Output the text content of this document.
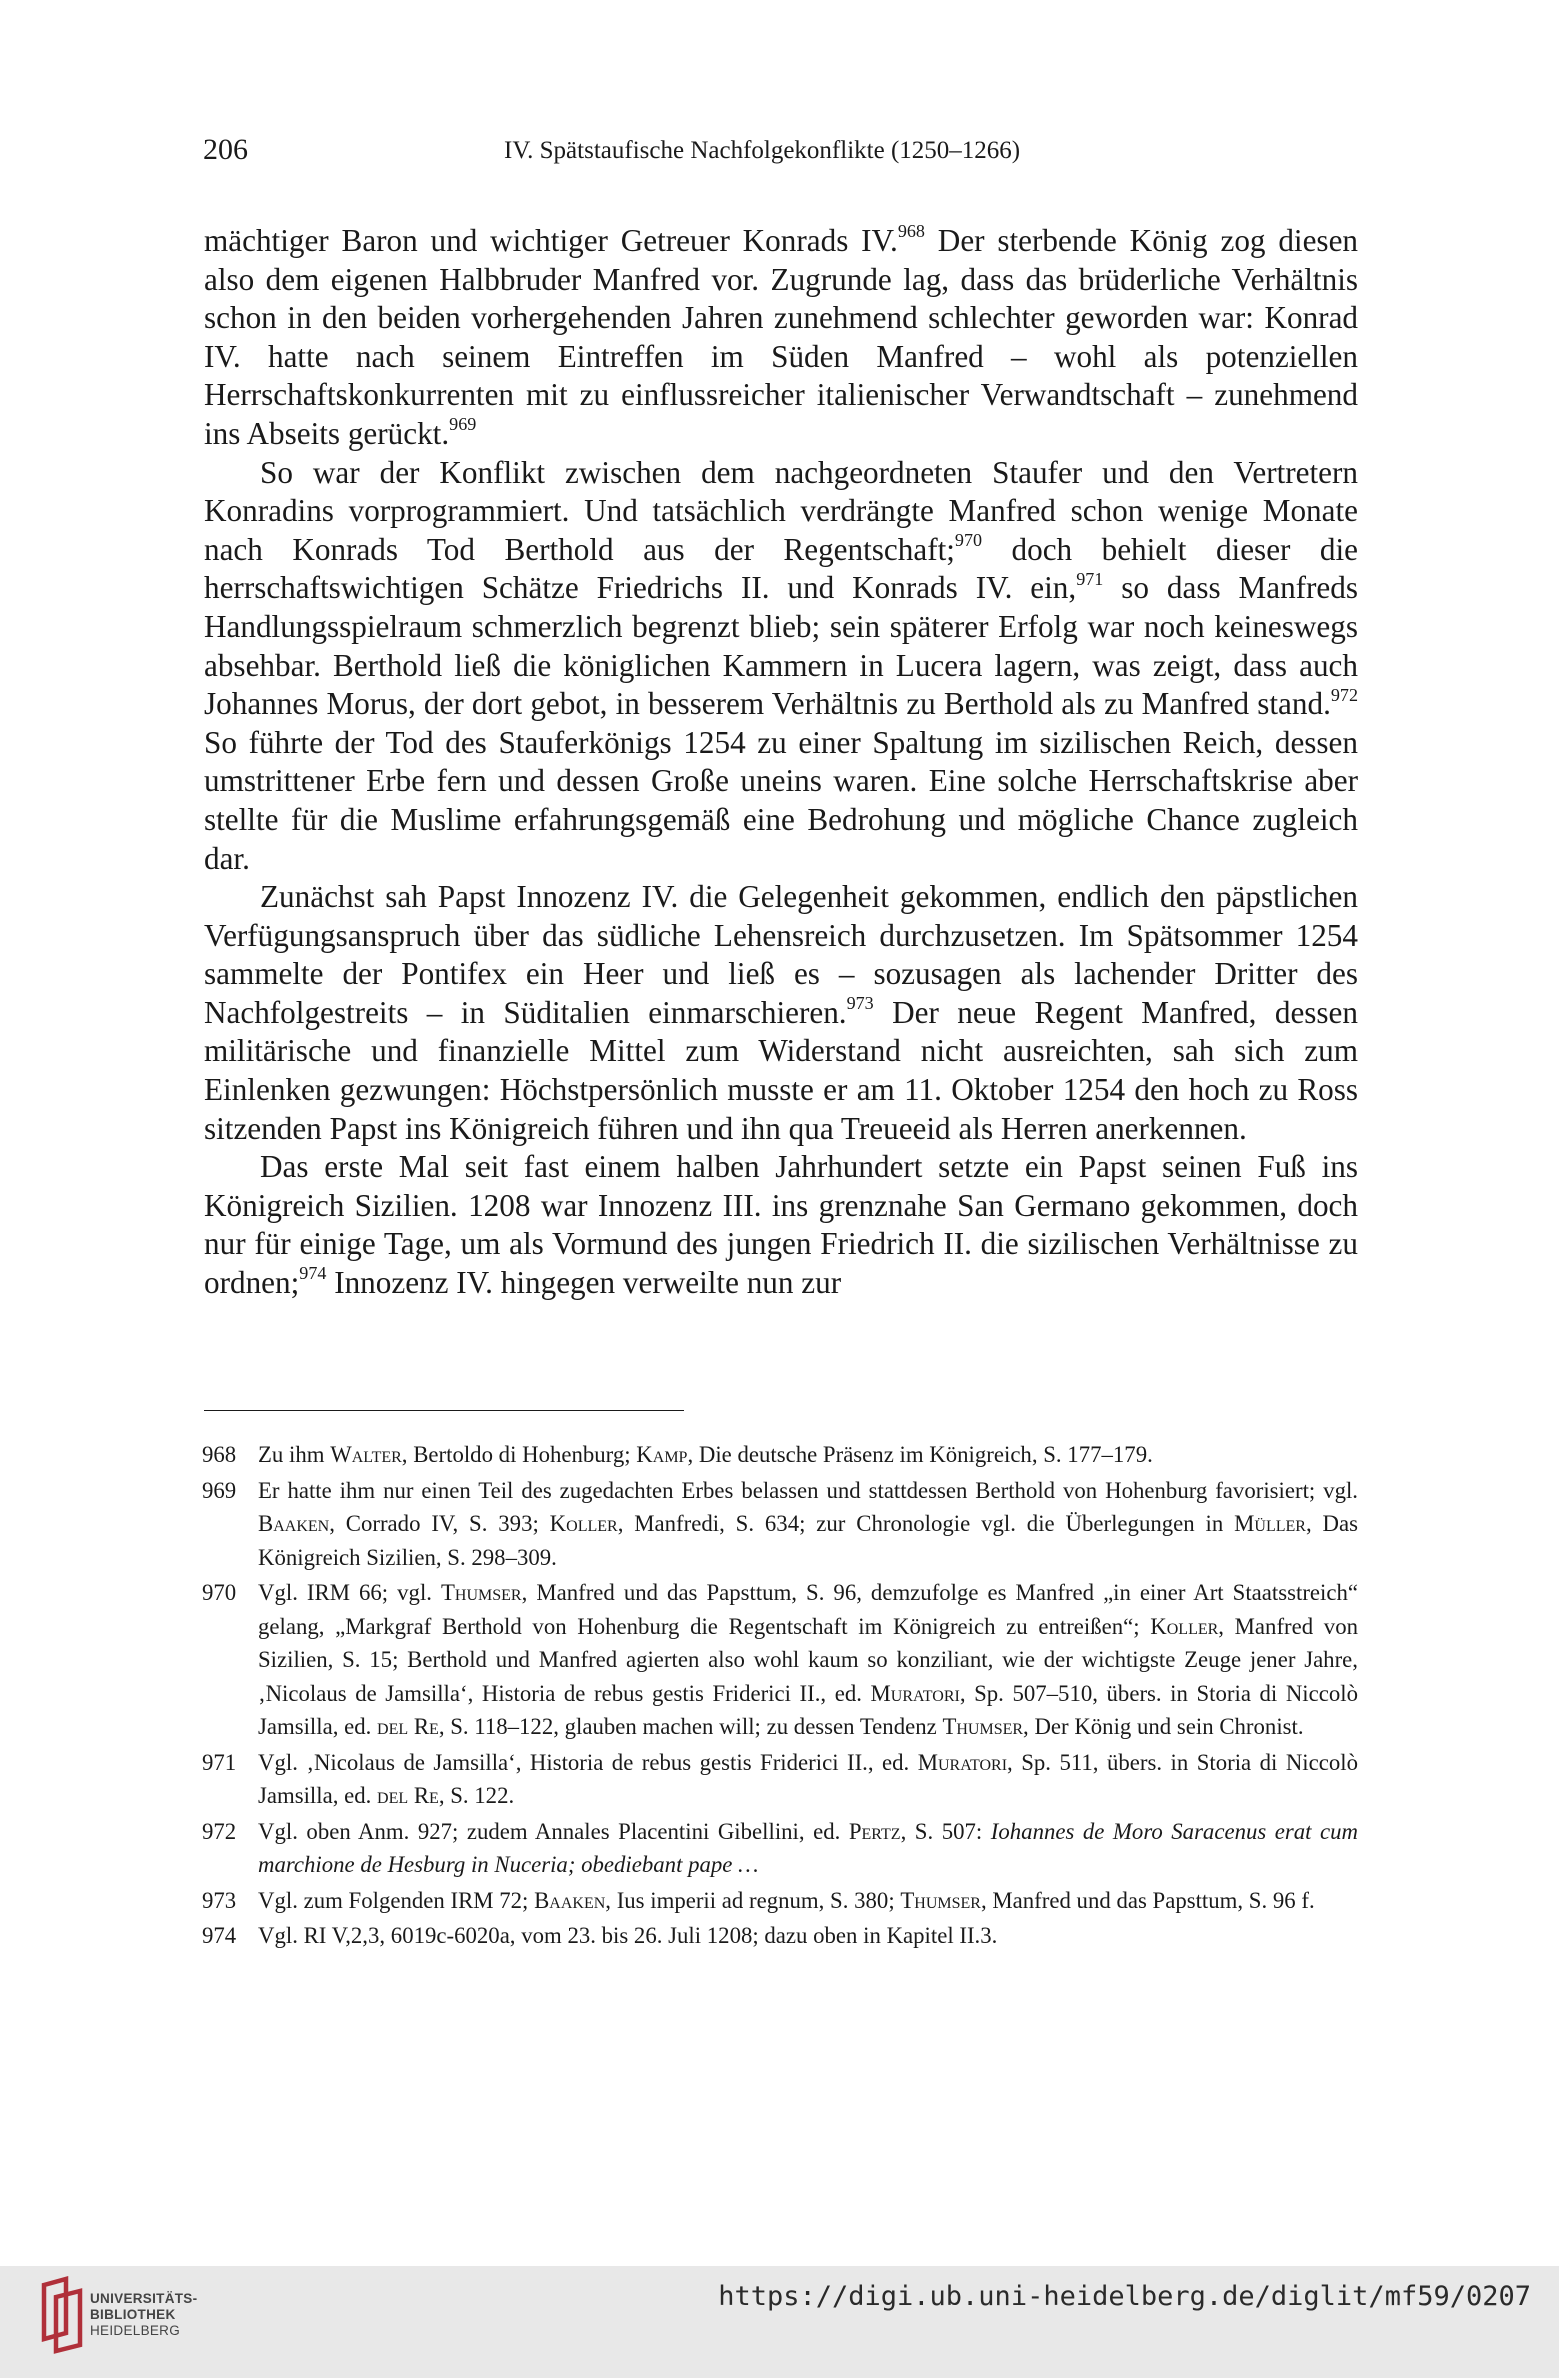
206	IV. Spätstaufische Nachfolgekonflikte (1250–1266)

mächtiger Baron und wichtiger Getreuer Konrads IV.$^{968}$ Der sterbende König zog diesen also dem eigenen Halbbruder Manfred vor. Zugrunde lag, dass das brüderliche Verhältnis schon in den beiden vorhergehenden Jahren zunehmend schlechter geworden war: Konrad IV. hatte nach seinem Eintreffen im Süden Manfred – wohl als potenziellen Herrschaftskonkurrenten mit zu einflussreicher italienischer Verwandtschaft – zunehmend ins Abseits gerückt.$^{969}$

So war der Konflikt zwischen dem nachgeordneten Staufer und den Vertretern Konradins vorprogrammiert. Und tatsächlich verdrängte Manfred schon wenige Monate nach Konrads Tod Berthold aus der Regentschaft;$^{970}$ doch behielt dieser die herrschaftswichtigen Schätze Friedrichs II. und Konrads IV. ein,$^{971}$ so dass Manfreds Handlungsspielraum schmerzlich begrenzt blieb; sein späterer Erfolg war noch keineswegs absehbar. Berthold ließ die königlichen Kammern in Lucera lagern, was zeigt, dass auch Johannes Morus, der dort gebot, in besserem Verhältnis zu Berthold als zu Manfred stand.$^{972}$ So führte der Tod des Stauferkönigs 1254 zu einer Spaltung im sizilischen Reich, dessen umstrittener Erbe fern und dessen Große uneins waren. Eine solche Herrschaftskrise aber stellte für die Muslime erfahrungsgemäß eine Bedrohung und mögliche Chance zugleich dar.

Zunächst sah Papst Innozenz IV. die Gelegenheit gekommen, endlich den päpstlichen Verfügungsanspruch über das südliche Lehensreich durchzusetzen. Im Spätsommer 1254 sammelte der Pontifex ein Heer und ließ es – sozusagen als lachender Dritter des Nachfolgestreits – in Süditalien einmarschieren.$^{973}$ Der neue Regent Manfred, dessen militärische und finanzielle Mittel zum Widerstand nicht ausreichten, sah sich zum Einlenken gezwungen: Höchstpersönlich musste er am 11. Oktober 1254 den hoch zu Ross sitzenden Papst ins Königreich führen und ihn qua Treueeid als Herren anerkennen.

Das erste Mal seit fast einem halben Jahrhundert setzte ein Papst seinen Fuß ins Königreich Sizilien. 1208 war Innozenz III. ins grenznahe San Germano gekommen, doch nur für einige Tage, um als Vormund des jungen Friedrich II. die sizilischen Verhältnisse zu ordnen;$^{974}$ Innozenz IV. hingegen verweilte nun zur

968 Zu ihm Walter, Bertoldo di Hohenburg; Kamp, Die deutsche Präsenz im Königreich, S. 177–179.
969 Er hatte ihm nur einen Teil des zugedachten Erbes belassen und stattdessen Berthold von Hohenburg favorisiert; vgl. Baaken, Corrado IV, S. 393; Koller, Manfredi, S. 634; zur Chronologie vgl. die Überlegungen in Müller, Das Königreich Sizilien, S. 298–309.
970 Vgl. IRM 66; vgl. Thumser, Manfred und das Papsttum, S. 96, demzufolge es Manfred „in einer Art Staatsstreich“ gelang, „Markgraf Berthold von Hohenburg die Regentschaft im Königreich zu entreißen“; Koller, Manfred von Sizilien, S. 15; Berthold und Manfred agierten also wohl kaum so konziliant, wie der wichtigste Zeuge jener Jahre, ‚Nicolaus de Jamsilla‘, Historia de rebus gestis Friderici II., ed. Muratori, Sp. 507–510, übers. in Storia di Niccolò Jamsilla, ed. del Re, S. 118–122, glauben machen will; zu dessen Tendenz Thumser, Der König und sein Chronist.
971 Vgl. ‚Nicolaus de Jamsilla‘, Historia de rebus gestis Friderici II., ed. Muratori, Sp. 511, übers. in Storia di Niccolò Jamsilla, ed. del Re, S. 122.
972 Vgl. oben Anm. 927; zudem Annales Placentini Gibellini, ed. Pertz, S. 507: Iohannes de Moro Saracenus erat cum marchione de Hesburg in Nuceria; obediebant pape …
973 Vgl. zum Folgenden IRM 72; Baaken, Ius imperii ad regnum, S. 380; Thumser, Manfred und das Papsttum, S. 96 f.
974 Vgl. RI V,2,3, 6019c-6020a, vom 23. bis 26. Juli 1208; dazu oben in Kapitel II.3.
UNIVERSITÄTS-
BIBLIOTHEK
HEIDELBERG
https://digi.ub.uni-heidelberg.de/diglit/mf59/0207
